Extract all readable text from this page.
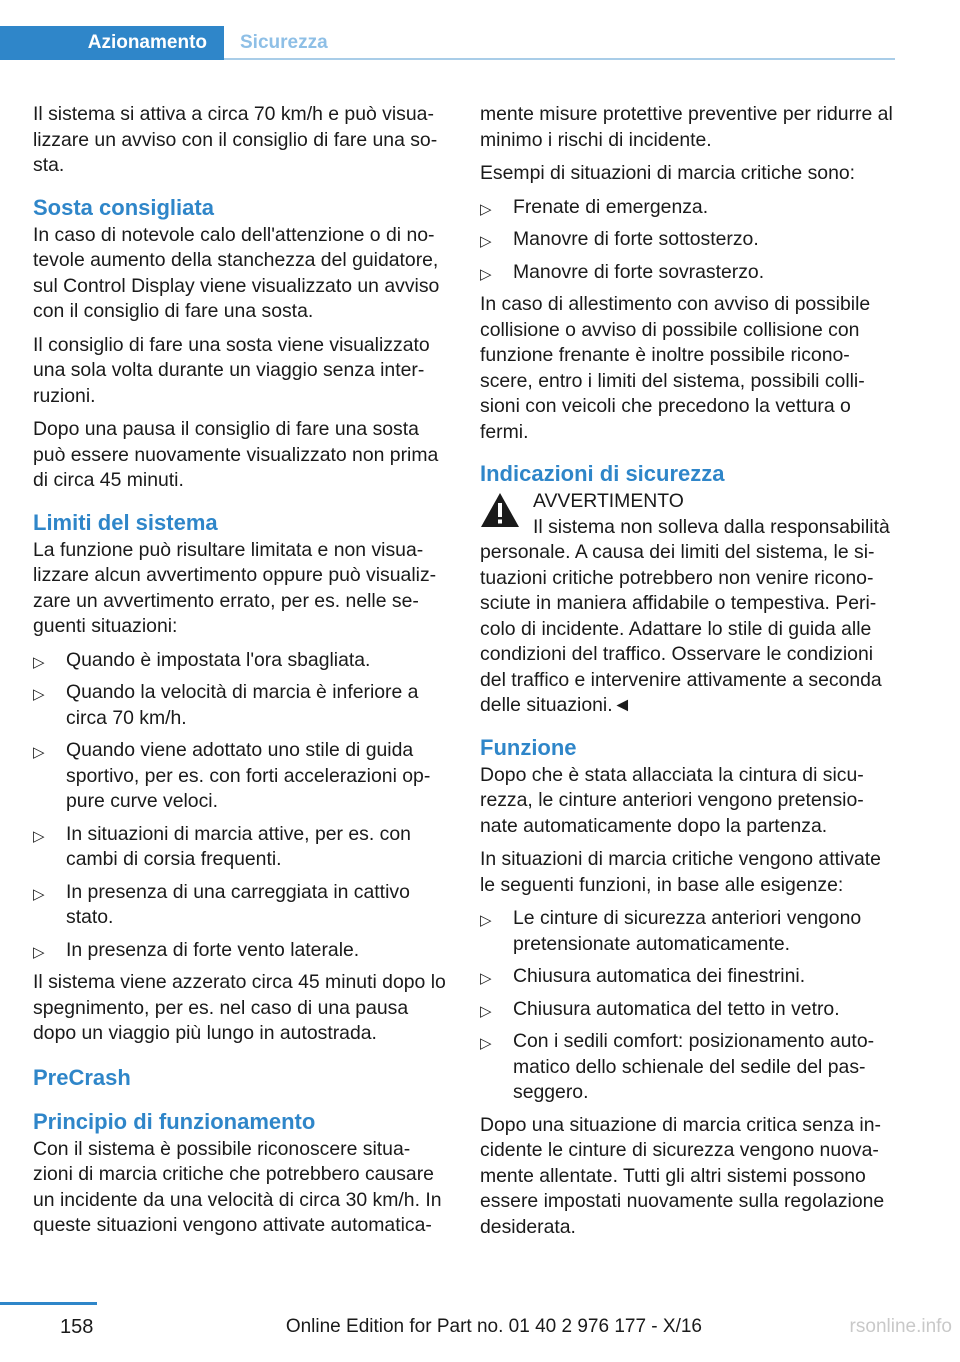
Azionamento	Sicurezza

Il sistema si attiva a circa 70 km/h e può visua-lizzare un avviso con il consiglio di fare una so-sta.

Sosta consigliata

In caso di notevole calo dell'attenzione o di no-tevole aumento della stanchezza del guidatore, sul Control Display viene visualizzato un avviso con il consiglio di fare una sosta.

Il consiglio di fare una sosta viene visualizzato una sola volta durante un viaggio senza inter-ruzioni.

Dopo una pausa il consiglio di fare una sosta può essere nuovamente visualizzato non prima di circa 45 minuti.

Limiti del sistema

La funzione può risultare limitata e non visua-lizzare alcun avvertimento oppure può visualiz-zare un avvertimento errato, per es. nelle se-guenti situazioni:

▷ Quando è impostata l'ora sbagliata.
▷ Quando la velocità di marcia è inferiore a circa 70 km/h.
▷ Quando viene adottato uno stile di guida sportivo, per es. con forti accelerazioni op-pure curve veloci.
▷ In situazioni di marcia attive, per es. con cambi di corsia frequenti.
▷ In presenza di una carreggiata in cattivo stato.
▷ In presenza di forte vento laterale.

Il sistema viene azzerato circa 45 minuti dopo lo spegnimento, per es. nel caso di una pausa dopo un viaggio più lungo in autostrada.

PreCrash
Principio di funzionamento

Con il sistema è possibile riconoscere situa-zioni di marcia critiche che potrebbero causare un incidente da una velocità di circa 30 km/h. In queste situazioni vengono attivate automatica-

mente misure protettive preventive per ridurre al minimo i rischi di incidente.

Esempi di situazioni di marcia critiche sono:

▷ Frenate di emergenza.
▷ Manovre di forte sottosterzo.
▷ Manovre di forte sovrasterzo.

In caso di allestimento con avviso di possibile collisione o avviso di possibile collisione con funzione frenante è inoltre possibile ricono-scere, entro i limiti del sistema, possibili colli-sioni con veicoli che precedono la vettura o fermi.

Indicazioni di sicurezza
AVVERTIMENTO

Il sistema non solleva dalla responsabilità

personale. A causa dei limiti del sistema, le si-tuazioni critiche potrebbero non venire ricono-sciute in maniera affidabile o tempestiva. Peri-colo di incidente. Adattare lo stile di guida alle condizioni del traffico. Osservare le condizioni del traffico e intervenire attivamente a seconda delle situazioni.◄

Funzione

Dopo che è stata allacciata la cintura di sicu-rezza, le cinture anteriori vengono pretensio-nate automaticamente dopo la partenza.

In situazioni di marcia critiche vengono attivate le seguenti funzioni, in base alle esigenze:

▷ Le cinture di sicurezza anteriori vengono pretensionate automaticamente.
▷ Chiusura automatica dei finestrini.
▷ Chiusura automatica del tetto in vetro.
▷ Con i sedili comfort: posizionamento auto-matico dello schienale del sedile del pas-seggero.

Dopo una situazione di marcia critica senza in-cidente le cinture di sicurezza vengono nuova-mente allentate. Tutti gli altri sistemi possono essere impostati nuovamente sulla regolazione desiderata.

158	Online Edition for Part no. 01 40 2 976 177 - X/16	rsonline.info
